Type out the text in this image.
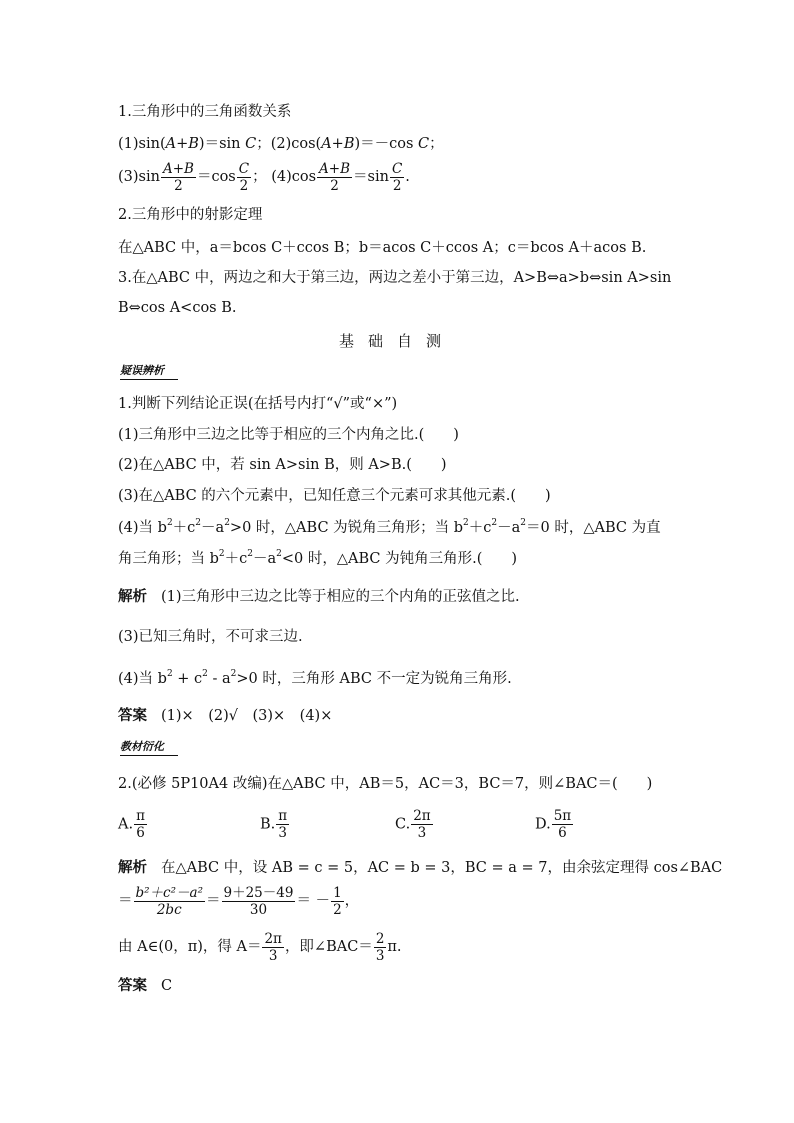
1.三角形中的三角函数关系
(1)sin(A+B)＝sin C；(2)cos(A+B)＝－cos C；
$(3)\sin \frac{A+B}{2} =\cos \frac{C}{2}$ ； $(4)\cos \frac{A+B}{2} =\sin \frac{C}{2}$ .
2.三角形中的射影定理
在△ABC 中，a＝bcos C＋ccos B；b＝acos C＋ccos A；c＝bcos A＋acos B.
3.在△ABC 中，两边之和大于第三边，两边之差小于第三边，A>B⇔a>b⇔sin A>sin
B⇔cos A<cos B.
基础自测
疑误辨析
1.判断下列结论正误(在括号内打“√”或“×”)
(1)三角形中三边之比等于相应的三个内角之比.(　　)
(2)在△ABC 中，若 sin A>sin B，则 A>B.(　　)
(3)在△ABC 的六个元素中，已知任意三个元素可求其他元素.(　　)
(4)当 $b^2+c^2-a^2>0$ 时，△ABC 为锐角三角形；当 $b^2+c^2-a^2=0$ 时，△ABC 为直
角三角形；当 $b^2+c^2-a^2<0$ 时，△ABC 为钝角三角形.(　　)
解析 (1)三角形中三边之比等于相应的三个内角的正弦值之比.
(3)已知三角时，不可求三边.
(4)当 $b^2 + c^2 - a^2>0$ 时，三角形 ABC 不一定为锐角三角形.
答案 (1)×　(2)√　(3)×　(4)×
教材衍化
2.(必修 5P10A4 改编)在△ABC 中，AB＝5，AC＝3，BC＝7，则∠BAC＝(　　)
A. $\frac{\pi}{6}$	B. $\frac{\pi}{3}$	C. $\frac{2\pi}{3}$	D. $\frac{5\pi}{6}$
解析 在△ABC 中，设 AB = c = 5，AC = b = 3，BC = a = 7，由余弦定理得 cos∠BAC
＝ $\frac{\text{b²＋c²－a²}}{2bc} = \frac{9+25-49}{30}$ ＝ － $\frac{1}{2}$ ，
由 A∈(0，π)，得 $A= \frac{2\pi}{3}$ ，即∠BAC＝ $\frac{2}{3} \pi$.
答案 C
